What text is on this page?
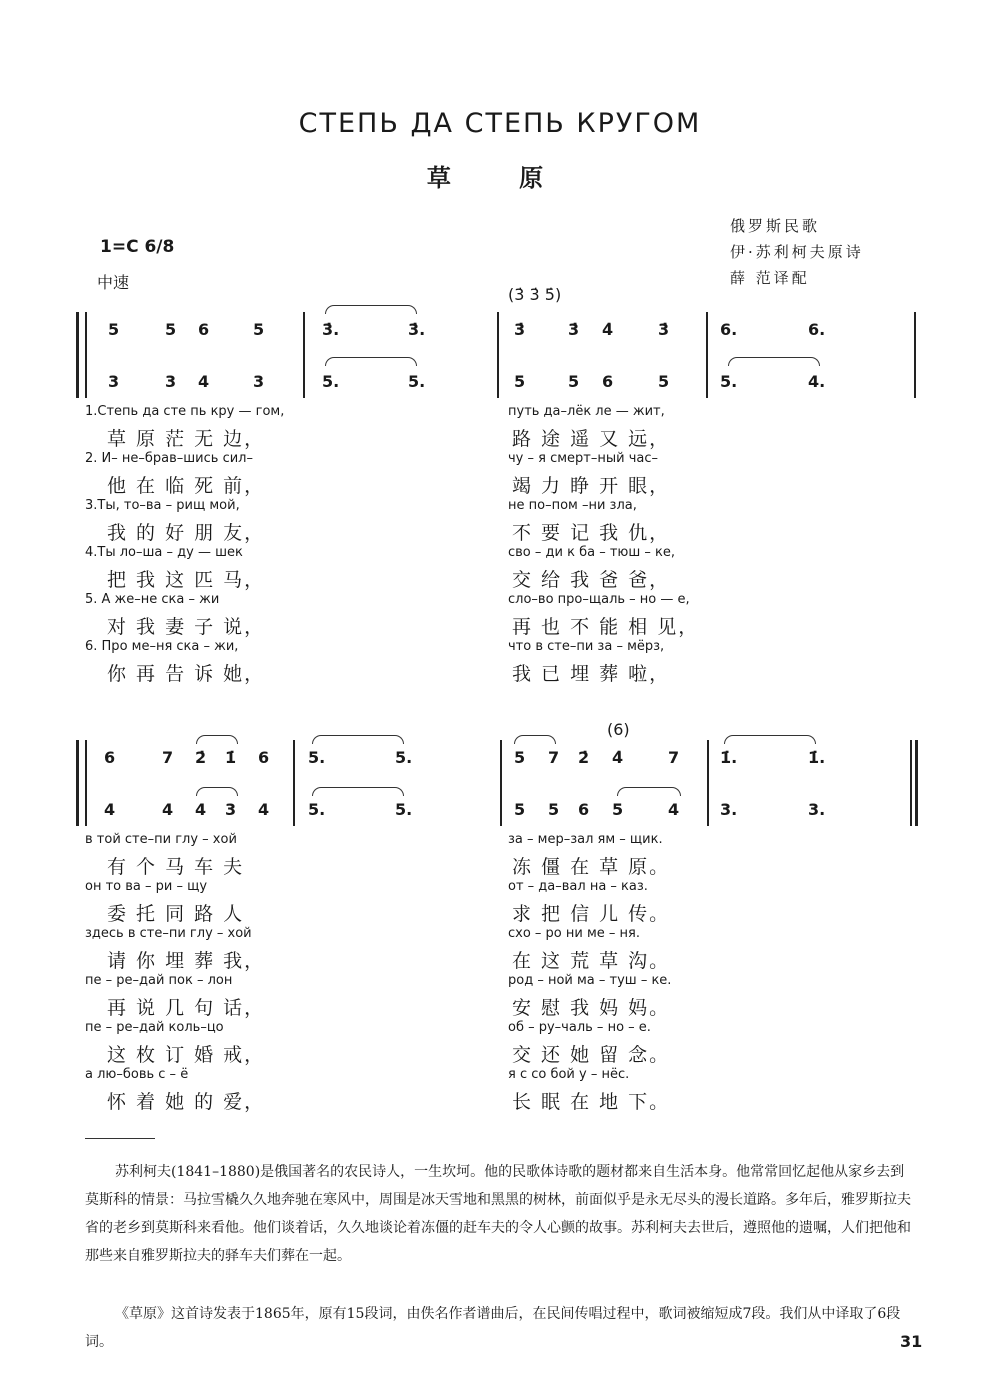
СТЕПЬ ДА СТЕПЬ КРУГОМ
草 原
俄罗斯民歌
伊·苏利柯夫原诗
薛 范译配
1=C 6/8
中速
(3̇ 3̇ 5̇)
5	5 6	5	3̇.	3̇.	3̇	3̇ 4̇	3̇	6.	6.
3	3 4	3	5.	5.	5	5 6	5	5.	4.
(6)
6	7 2̇ 1̇ 6 5.	5.	5 7 2̇ 4̇	7	1̇.	1̇.
4	4 4 3 4 5.	5.	5 5 6 5	4	3.	3.
1.Степь да сте пь кру — гом,	путь да–лёк ле — жит,
草 原 茫 无 边，	路 途 遥 又 远，
2. И– не–брав–шись сил–	чу – я смерт–ный час–
他 在 临 死 前，	竭 力 睁 开 眼，
3.Ты, то–ва – рищ мой,	не по–пом –ни зла,
我 的 好 朋 友，	不 要 记 我 仇，
4.Ты ло–ша – ду — шек	сво – ди к ба – тюш – ке,
把 我 这 匹 马，	交 给 我 爸 爸，
5. А же–не ска – жи	сло–во про–щаль – но — е,
对 我 妻 子 说，	再 也 不 能 相 见，
6. Про ме–ня ска – жи,	что в сте–пи за – мёрз,
你 再 告 诉 她，	我 已 埋 葬 啦，
в той сте–пи глу – хой	за – мер–зал ям – щик.
有 个 马 车 夫	冻 僵 在 草 原。
он то ва – ри – щу	от – да–вал на – каз.
委 托 同 路 人	求 把 信 儿 传。
здесь в сте–пи глу – хой	схо – ро ни ме – ня.
请 你 埋 葬 我，	在 这 荒 草 沟。
пе – ре–дай пок – лон	род – ной ма – туш – ке.
再 说 几 句 话，	安 慰 我 妈 妈。
пе – ре–дай коль–цо	об – ру–чаль – но – е.
这 枚 订 婚 戒，	交 还 她 留 念。
а лю–бовь с – ё	я с со бой у – нёс.
怀 着 她 的 爱，	长 眠 在 地 下。
苏利柯夫(1841–1880)是俄国著名的农民诗人，一生坎坷。他的民歌体诗歌的题材都来自生活本身。他常常回忆起他从家乡去到莫斯科的情景：马拉雪橇久久地奔驰在寒风中，周围是冰天雪地和黑黑的树林，前面似乎是永无尽头的漫长道路。多年后，雅罗斯拉夫省的老乡到莫斯科来看他。他们谈着话，久久地谈论着冻僵的赶车夫的令人心颤的故事。苏利柯夫去世后，遵照他的遗嘱，人们把他和那些来自雅罗斯拉夫的驿车夫们葬在一起。
《草原》这首诗发表于1865年，原有15段词，由佚名作者谱曲后，在民间传唱过程中，歌词被缩短成7段。我们从中译取了6段词。	31
